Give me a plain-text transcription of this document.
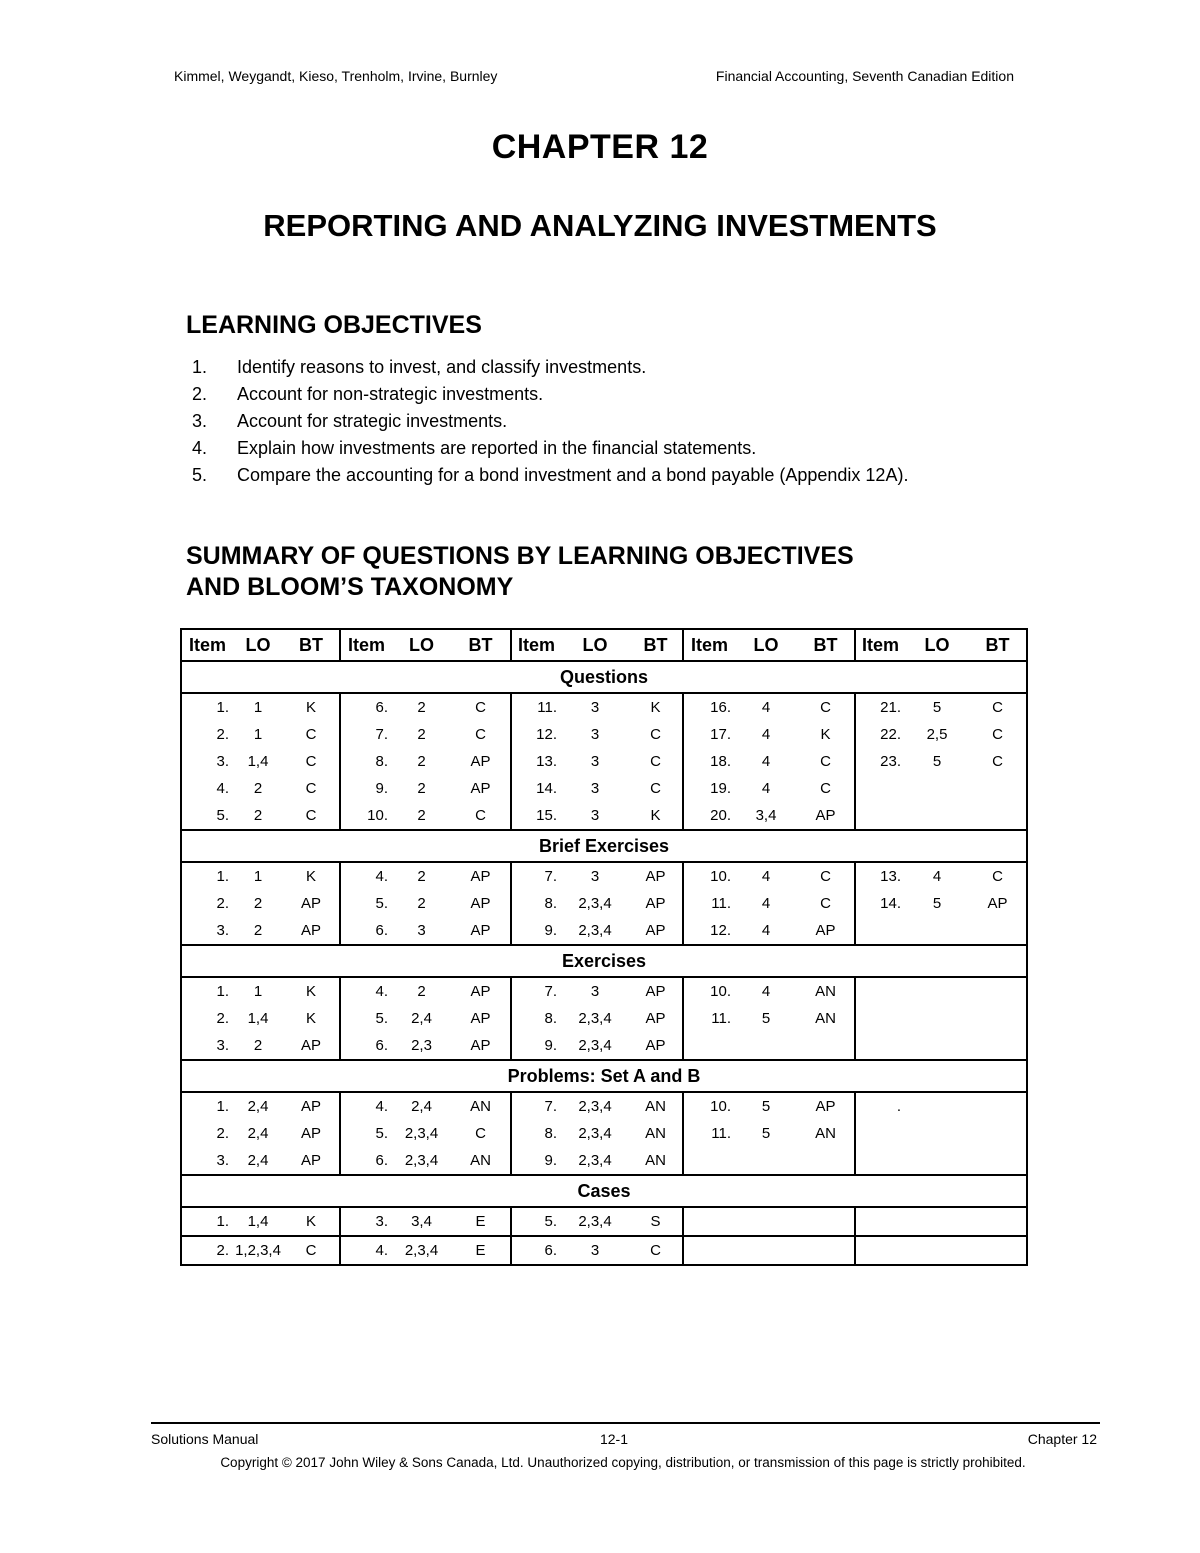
Kimmel, Weygandt, Kieso, Trenholm, Irvine, Burnley	Financial Accounting, Seventh Canadian Edition
CHAPTER 12
REPORTING AND ANALYZING INVESTMENTS
LEARNING OBJECTIVES
1.	Identify reasons to invest, and classify investments.
2.	Account for non-strategic investments.
3.	Account for strategic investments.
4.	Explain how investments are reported in the financial statements.
5.	Compare the accounting for a bond investment and a bond payable (Appendix 12A).
SUMMARY OF QUESTIONS BY LEARNING OBJECTIVES
AND BLOOM’S TAXONOMY
Item	LO	BT	Item	LO	BT	Item	LO	BT	Item	LO	BT	Item	LO	BT
Questions														
1.	1	K	6.	2	C	11.	3	K	16.	4	C	21.	5	C
2.	1	C	7.	2	C	12.	3	C	17.	4	K	22.	2,5	C
3.	1,4	C	8.	2	AP	13.	3	C	18.	4	C	23.	5	C
4.	2	C	9.	2	AP	14.	3	C	19.	4	C			
5.	2	C	10.	2	C	15.	3	K	20.	3,4	AP			
Brief Exercises														
1.	1	K	4.	2	AP	7.	3	AP	10.	4	C	13.	4	C
2.	2	AP	5.	2	AP	8.	2,3,4	AP	11.	4	C	14.	5	AP
3.	2	AP	6.	3	AP	9.	2,3,4	AP	12.	4	AP			
Exercises														
1.	1	K	4.	2	AP	7.	3	AP	10.	4	AN			
2.	1,4	K	5.	2,4	AP	8.	2,3,4	AP	11.	5	AN			
3.	2	AP	6.	2,3	AP	9.	2,3,4	AP						
Problems: Set A and B														
1.	2,4	AP	4.	2,4	AN	7.	2,3,4	AN	10.	5	AP	.		
2.	2,4	AP	5.	2,3,4	C	8.	2,3,4	AN	11.	5	AN			
3.	2,4	AP	6.	2,3,4	AN	9.	2,3,4	AN						
Cases														
1.	1,4	K	3.	3,4	E	5.	2,3,4	S						
2.	1,2,3,4	C	4.	2,3,4	E	6.	3	C						
Solutions Manual	12-1	Chapter 12
Copyright © 2017 John Wiley & Sons Canada, Ltd. Unauthorized copying, distribution, or transmission of this page is strictly prohibited.
